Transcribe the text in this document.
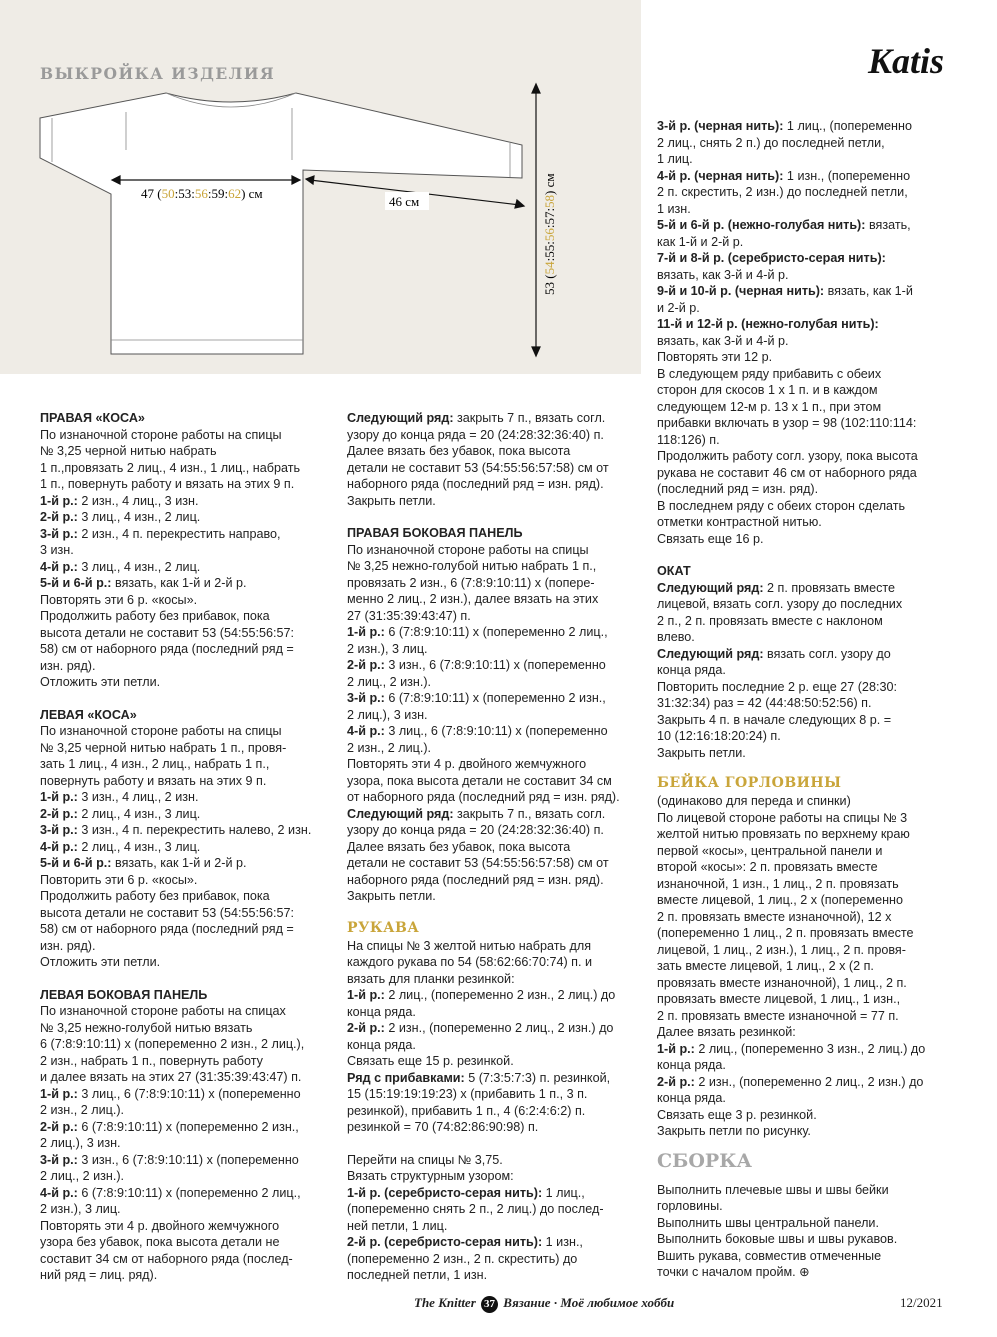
ВЫКРОЙКА ИЗДЕЛИЯ	Katis
47 (50:53:56:59:62) см
46 см
53 (54:55:56:57:58) см

ПРАВАЯ «КОСА»

По изнаночной стороне работы на спицы

№ 3,25 черной нитью набрать

1 п.,провязать 2 лиц., 4 изн., 1 лиц., набрать

1 п., повернуть работу и вязать на этих 9 п.

1-й р.: 2 изн., 4 лиц., 3 изн.

2-й р.: 3 лиц., 4 изн., 2 лиц.

3-й р.: 2 изн., 4 п. перекрестить направо,

3 изн.

4-й р.: 3 лиц., 4 изн., 2 лиц.

5-й и 6-й р.: вязать, как 1-й и 2-й р.

Повторять эти 6 р. «косы».

Продолжить работу без прибавок, пока

высота детали не составит 53 (54:55:56:57:

58) см от наборного ряда (последний ряд =

изн. ряд).

Отложить эти петли.

ЛЕВАЯ «КОСА»

По изнаночной стороне работы на спицы

№ 3,25 черной нитью набрать 1 п., провя-

зать 1 лиц., 4 изн., 2 лиц., набрать 1 п.,

повернуть работу и вязать на этих 9 п.

1-й р.: 3 изн., 4 лиц., 2 изн.

2-й р.: 2 лиц., 4 изн., 3 лиц.

3-й р.: 3 изн., 4 п. перекрестить налево, 2 изн.

4-й р.: 2 лиц., 4 изн., 3 лиц.

5-й и 6-й р.: вязать, как 1-й и 2-й р.

Повторить эти 6 р. «косы».

Продолжить работу без прибавок, пока

высота детали не составит 53 (54:55:56:57:

58) см от наборного ряда (последний ряд =

изн. ряд).

Отложить эти петли.

ЛЕВАЯ БОКОВАЯ ПАНЕЛЬ

По изнаночной стороне работы на спицах

№ 3,25 нежно-голубой нитью вязать

6 (7:8:9:10:11) х (попеременно 2 изн., 2 лиц.),

2 изн., набрать 1 п., повернуть работу

и далее вязать на этих 27 (31:35:39:43:47) п.

1-й р.: 3 лиц., 6 (7:8:9:10:11) х (попеременно

2 изн., 2 лиц.).

2-й р.: 6 (7:8:9:10:11) х (попеременно 2 изн.,

2 лиц.), 3 изн.

3-й р.: 3 изн., 6 (7:8:9:10:11) х (попеременно

2 лиц., 2 изн.).

4-й р.: 6 (7:8:9:10:11) х (попеременно 2 лиц.,

2 изн.), 3 лиц.

Повторять эти 4 р. двойного жемчужного

узора без убавок, пока высота детали не

составит 34 см от наборного ряда (послед-

ний ряд = лиц. ряд).

Следующий ряд: закрыть 7 п., вязать согл.

узору до конца ряда = 20 (24:28:32:36:40) п.

Далее вязать без убавок, пока высота

детали не составит 53 (54:55:56:57:58) см от

наборного ряда (последний ряд = изн. ряд).

Закрыть петли.

ПРАВАЯ БОКОВАЯ ПАНЕЛЬ

По изнаночной стороне работы на спицы

№ 3,25 нежно-голубой нитью набрать 1 п.,

провязать 2 изн., 6 (7:8:9:10:11) х (попере-

менно 2 лиц., 2 изн.), далее вязать на этих

27 (31:35:39:43:47) п.

1-й р.: 6 (7:8:9:10:11) х (попеременно 2 лиц.,

2 изн.), 3 лиц.

2-й р.: 3 изн., 6 (7:8:9:10:11) х (попеременно

2 лиц., 2 изн.).

3-й р.: 6 (7:8:9:10:11) х (попеременно 2 изн.,

2 лиц.), 3 изн.

4-й р.: 3 лиц., 6 (7:8:9:10:11) х (попеременно

2 изн., 2 лиц.).

Повторять эти 4 р. двойного жемчужного

узора, пока высота детали не составит 34 см

от наборного ряда (последний ряд = изн. ряд).

Следующий ряд: закрыть 7 п., вязать согл.

узору до конца ряда = 20 (24:28:32:36:40) п.

Далее вязать без убавок, пока высота

детали не составит 53 (54:55:56:57:58) см от

наборного ряда (последний ряд = изн. ряд).

Закрыть петли.

РУКАВА

На спицы № 3 желтой нитью набрать для

каждого рукава по 54 (58:62:66:70:74) п. и

вязать для планки резинкой:

1-й р.: 2 лиц., (попеременно 2 изн., 2 лиц.) до

конца ряда.

2-й р.: 2 изн., (попеременно 2 лиц., 2 изн.) до

конца ряда.

Связать еще 15 р. резинкой.

Ряд с прибавками: 5 (7:3:5:7:3) п. резинкой,

15 (15:19:19:19:23) х (прибавить 1 п., 3 п.

резинкой), прибавить 1 п., 4 (6:2:4:6:2) п.

резинкой = 70 (74:82:86:90:98) п.

Перейти на спицы № 3,75.

Вязать структурным узором:

1-й р. (серебристо-серая нить): 1 лиц.,

(попеременно снять 2 п., 2 лиц.) до послед-

ней петли, 1 лиц.

2-й р. (серебристо-серая нить): 1 изн.,

(попеременно 2 изн., 2 п. скрестить) до

последней петли, 1 изн.

3-й р. (черная нить): 1 лиц., (попеременно

2 лиц., снять 2 п.) до последней петли,

1 лиц.

4-й р. (черная нить): 1 изн., (попеременно

2 п. скрестить, 2 изн.) до последней петли,

1 изн.

5-й и 6-й р. (нежно-голубая нить): вязать,

как 1-й и 2-й р.

7-й и 8-й р. (серебристо-серая нить):

вязать, как 3-й и 4-й р.

9-й и 10-й р. (черная нить): вязать, как 1-й

и 2-й р.

11-й и 12-й р. (нежно-голубая нить):

вязать, как 3-й и 4-й р.

Повторять эти 12 р.

В следующем ряду прибавить с обеих

сторон для скосов 1 х 1 п. и в каждом

следующем 12-м р. 13 х 1 п., при этом

прибавки включать в узор = 98 (102:110:114:

118:126) п.

Продолжить работу согл. узору, пока высота

рукава не составит 46 см от наборного ряда

(последний ряд = изн. ряд).

В последнем ряду с обеих сторон сделать

отметки контрастной нитью.

Связать еще 16 р.

ОКАТ

Следующий ряд: 2 п. провязать вместе

лицевой, вязать согл. узору до последних

2 п., 2 п. провязать вместе с наклоном

влево.

Следующий ряд: вязать согл. узору до

конца ряда.

Повторить последние 2 р. еще 27 (28:30:

31:32:34) раз = 42 (44:48:50:52:56) п.

Закрыть 4 п. в начале следующих 8 р. =

10 (12:16:18:20:24) п.

Закрыть петли.

БЕЙКА ГОРЛОВИНЫ

(одинаково для переда и спинки)

По лицевой стороне работы на спицы № 3

желтой нитью провязать по верхнему краю

первой «косы», центральной панели и

второй «косы»: 2 п. провязать вместе

изнаночной, 1 изн., 1 лиц., 2 п. провязать

вместе лицевой, 1 лиц., 2 х (попеременно

2 п. провязать вместе изнаночной), 12 х

(попеременно 1 лиц., 2 п. провязать вместе

лицевой, 1 лиц., 2 изн.), 1 лиц., 2 п. провя-

зать вместе лицевой, 1 лиц., 2 х (2 п.

провязать вместе изнаночной), 1 лиц., 2 п.

провязать вместе лицевой, 1 лиц., 1 изн.,

2 п. провязать вместе изнаночной = 77 п.

Далее вязать резинкой:

1-й р.: 2 лиц., (попеременно 3 изн., 2 лиц.) до

конца ряда.

2-й р.: 2 изн., (попеременно 2 лиц., 2 изн.) до

конца ряда.

Связать еще 3 р. резинкой.

Закрыть петли по рисунку.

СБОРКА

Выполнить плечевые швы и швы бейки

горловины.

Выполнить швы центральной панели.

Выполнить боковые швы и швы рукавов.

Вшить рукава, совместив отмеченные

точки с началом пройм. ⊕

The Knitter 37 Вязание · Моё любимое хобби	12/2021
